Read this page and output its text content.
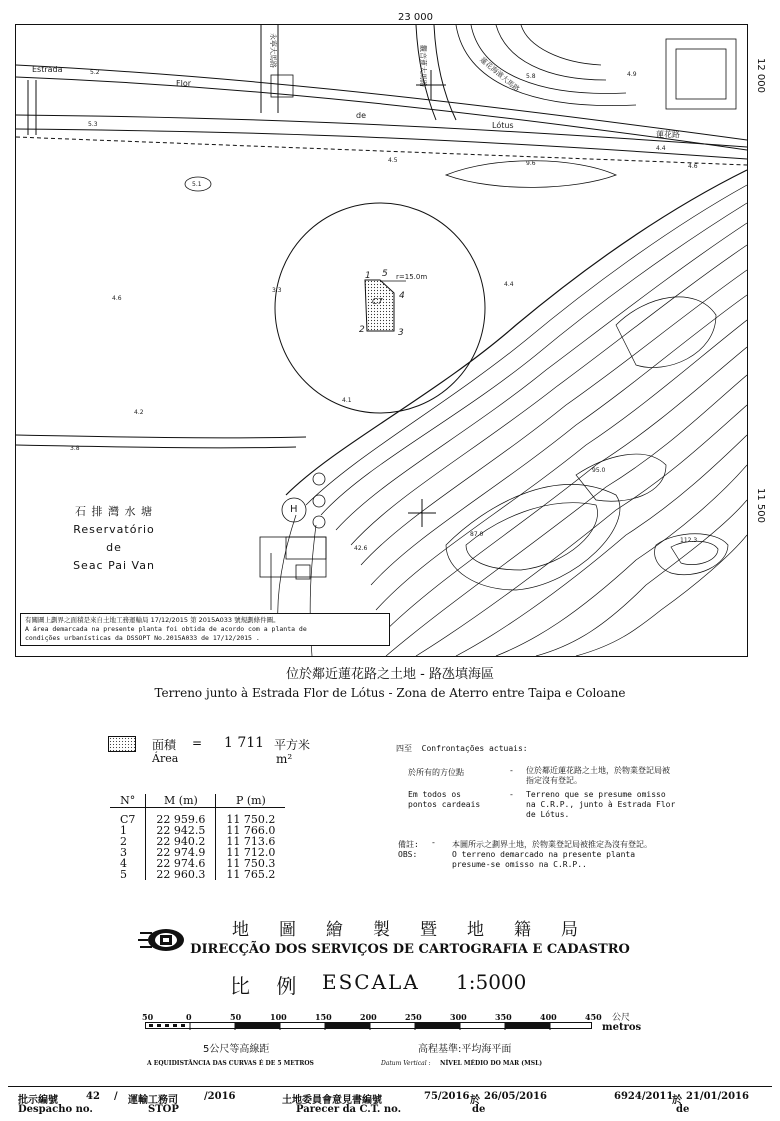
Estrada
Flor
de
Lótus
蓮花路
永寧大馬路	觀音蓮大馬路	蓮花海濱大馬路
5.2
5.3
4.5	9.6
4.6
4.2
3.8
4.4
4.9
5.8
4.4
4.6
95.0
87.0
42.6
112.3
4.1
3.3
5.1
r=15.0m
C7
1
2	3
4
5
H
石 排 灣 水 塘
Reservatório
de
Seac Pai Van
有關圖上劃界之面積是來自土地工務運輸局 17/12/2015 第 2015A033 號規劃條件圖。
A área demarcada na presente planta foi obtida de acordo com a planta de
condições urbanísticas da DSSOPT No.2015A033 de 17/12/2015 .
23 000
12 000
11 500
位於鄰近蓮花路之土地 - 路氹填海區
Terreno junto à Estrada Flor de Lótus - Zona de Aterro entre Taipa e Coloane
面積
Área
= 1 711 平方米
m²
N°	M (m)	P (m)

C7	22 959.6	11 750.2
1	22 942.5	11 766.0
2	22 940.2	11 713.6
3	22 974.9	11 712.0
4	22 974.6	11 750.3
5	22 960.3	11 765.2
四至  Confrontações actuais:
於所有的方位點	- 位於鄰近蓮花路之土地，於物業登記局被
指定沒有登記。
Em todos os
pontos cardeais
- Terreno que se presume omisso
na C.R.P., junto à Estrada Flor
de Lótus.
備註:
OBS:
- 本圖所示之劃界土地，於物業登記局被推定為沒有登記。
O terreno demarcado na presente planta
presume-se omisso na C.R.P..
地圖繪製暨地籍局
DIRECÇÃO DOS SERVIÇOS DE CARTOGRAFIA E CADASTRO
比 例 ESCALA 1:5000
50	0	50	100	150	200	250	300	350	400	450 公尺
metros
5公尺等高線距
A EQUIDISTÂNCIA DAS CURVAS É DE 5 METROS
高程基準:平均海平面
Datum Vertical : NÍVEL MÉDIO DO MAR (MSL)
批示編號	42 / 運輸工務司	/2016
Despacho no.	STOP
土地委員會意見書編號	75/2016 於 26/05/2016
Parecer da C.T. no.	de
6924/2011
於 21/01/2016
de
